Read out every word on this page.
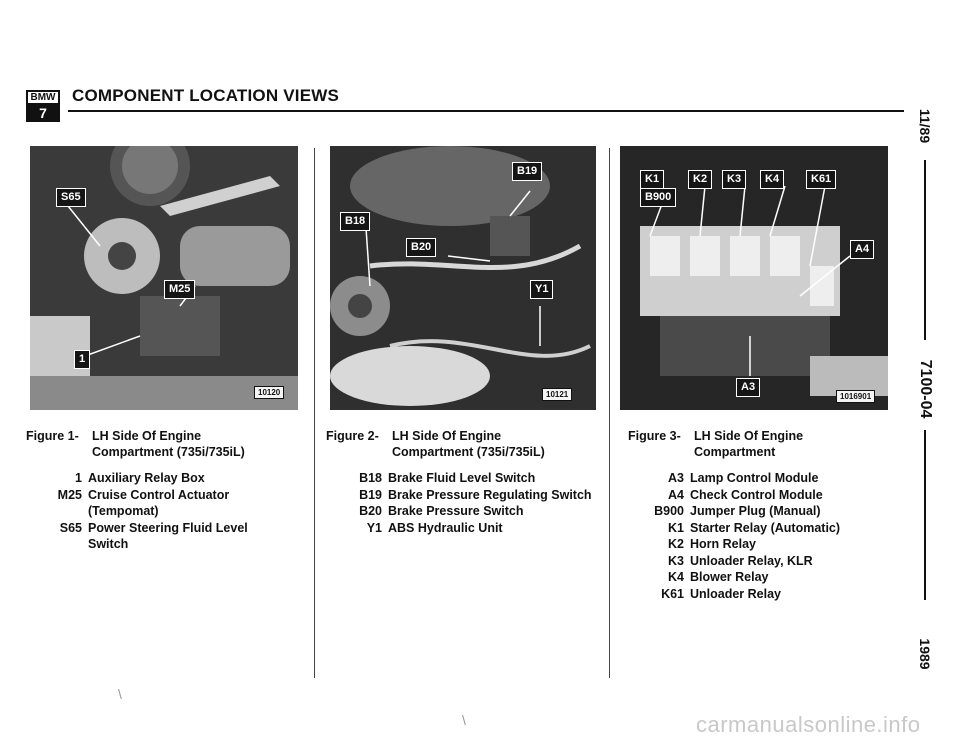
BMW
7
COMPONENT LOCATION VIEWS
11/89
7100-04
1989
S65
M25
1
10120
B19
B18
B20
Y1
10121
K1
B900
K2	K3	K4	K61
A4
A3
1016901
Figure 1- LH Side Of Engine
Compartment (735i/735iL)
1 Auxiliary Relay Box
M25 Cruise Control Actuator
(Tempomat)
S65 Power Steering Fluid Level
Switch
Figure 2- LH Side Of Engine
Compartment (735i/735iL)
B18 Brake Fluid Level Switch
B19 Brake Pressure Regulating Switch
B20 Brake Pressure Switch
Y1 ABS Hydraulic Unit
Figure 3- LH Side Of Engine
Compartment
A3 Lamp Control Module
A4 Check Control Module
B900 Jumper Plug (Manual)
K1 Starter Relay (Automatic)
K2 Horn Relay
K3 Unloader Relay, KLR
K4 Blower Relay
K61 Unloader Relay
\
\	carmanualsonline.info
